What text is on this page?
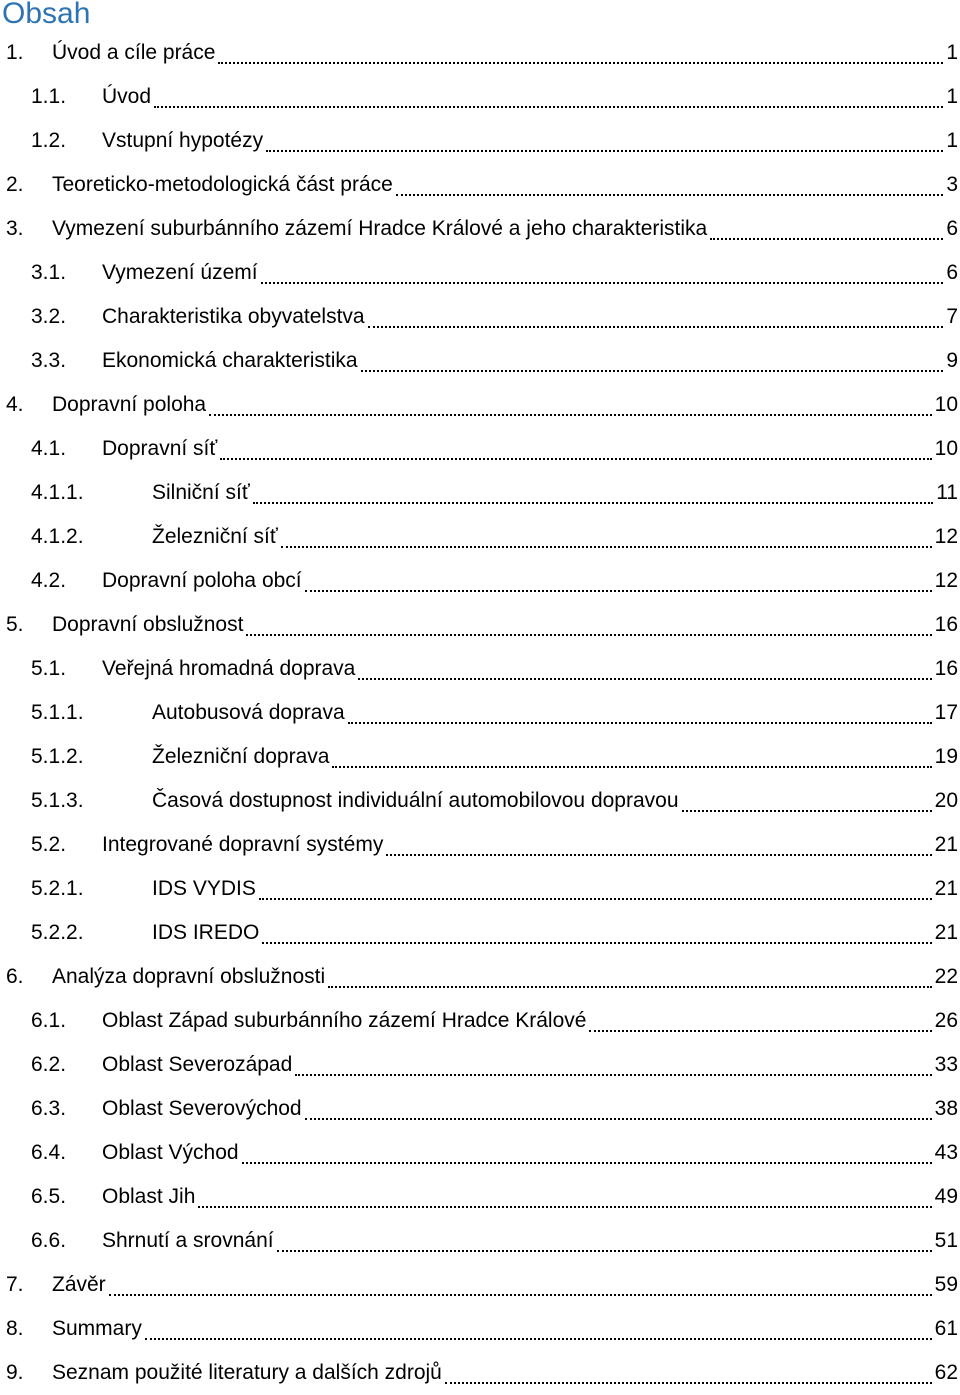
Obsah
1.	Úvod a cíle práce	1
1.1.	Úvod	1
1.2.	Vstupní hypotézy	1
2.	Teoreticko-metodologická část práce	3
3.	Vymezení suburbánního zázemí Hradce Králové a jeho charakteristika	6
3.1.	Vymezení území	6
3.2.	Charakteristika obyvatelstva	7
3.3.	Ekonomická charakteristika	9
4.	Dopravní poloha	10
4.1.	Dopravní síť	10
4.1.1.	Silniční síť	11
4.1.2.	Železniční síť	12
4.2.	Dopravní poloha obcí	12
5.	Dopravní obslužnost	16
5.1.	Veřejná hromadná doprava	16
5.1.1.	Autobusová doprava	17
5.1.2.	Železniční doprava	19
5.1.3.	Časová dostupnost individuální automobilovou dopravou	20
5.2.	Integrované dopravní systémy	21
5.2.1.	IDS VYDIS	21
5.2.2.	IDS IREDO	21
6.	Analýza dopravní obslužnosti	22
6.1.	Oblast Západ suburbánního zázemí Hradce Králové	26
6.2.	Oblast Severozápad	33
6.3.	Oblast Severovýchod	38
6.4.	Oblast Východ	43
6.5.	Oblast Jih	49
6.6.	Shrnutí a srovnání	51
7.	Závěr	59
8.	Summary	61
9.	Seznam použité literatury a dalších zdrojů	62
